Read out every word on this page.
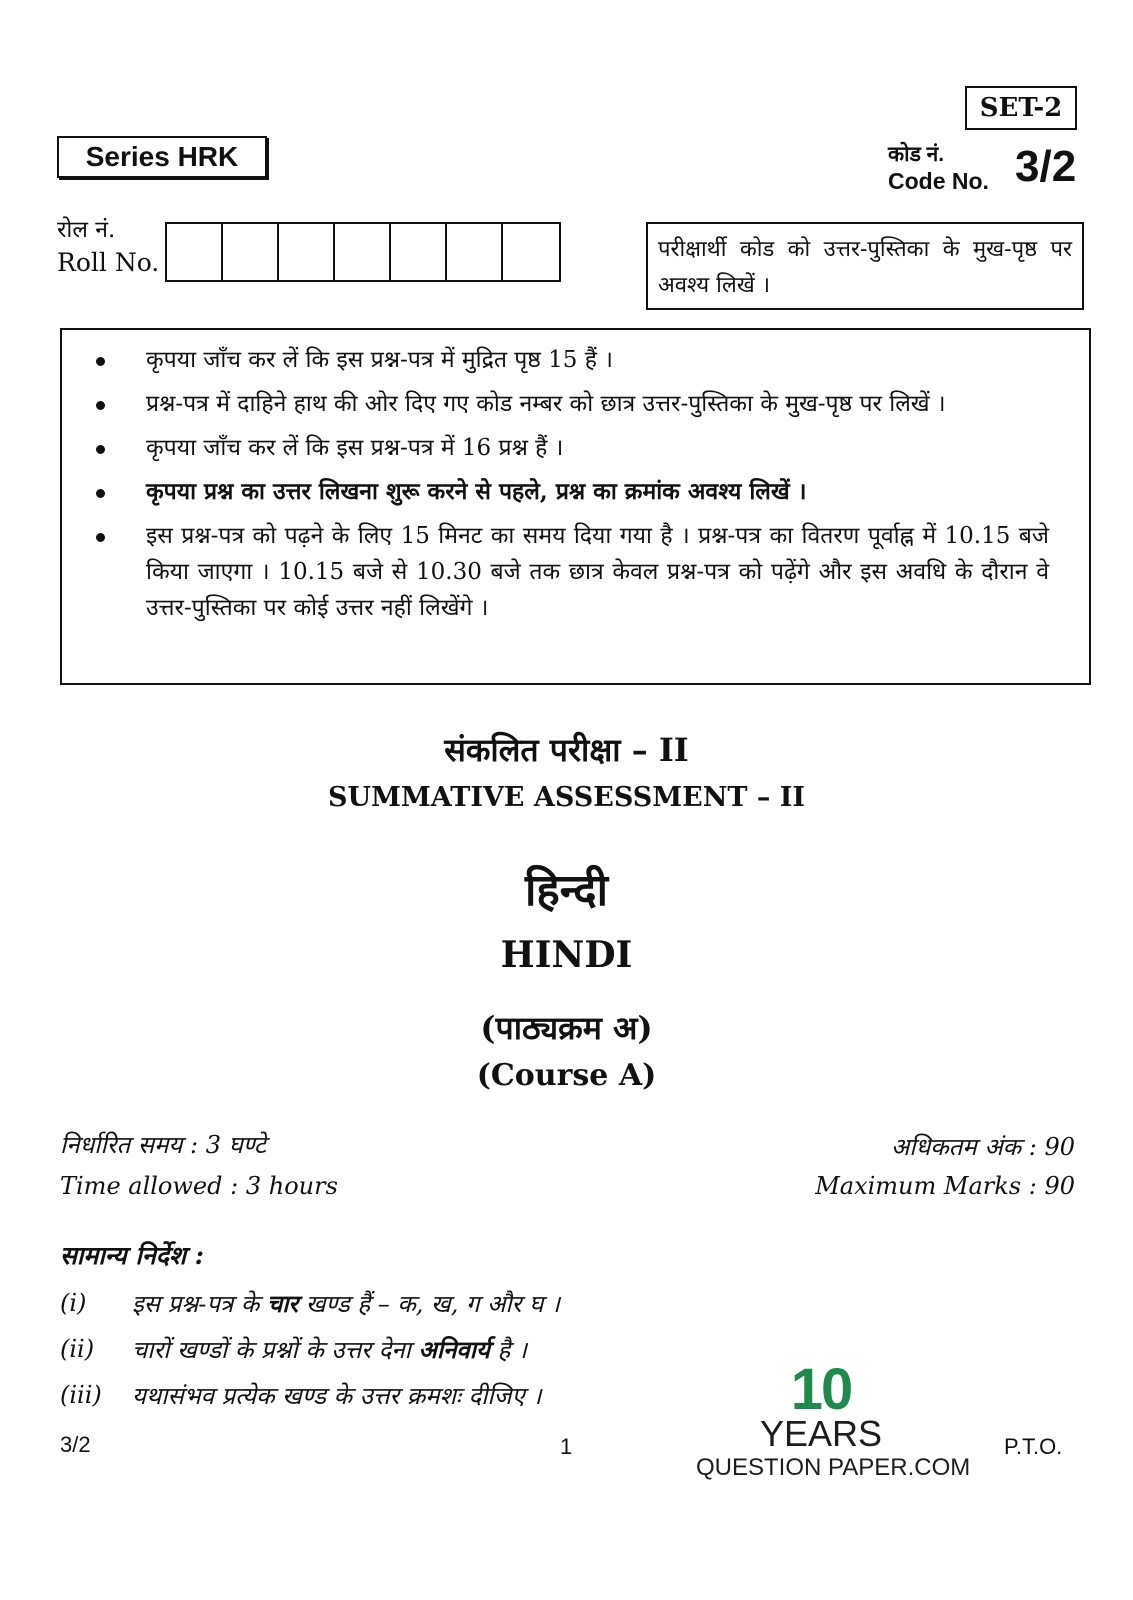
SET-2
Series HRK	कोड नं.
Code No. 3/2
रोल नं.
Roll No.	परीक्षार्थी कोड को उत्तर-पुस्तिका के मुख-पृष्ठ पर अवश्य लिखें ।
कृपया जाँच कर लें कि इस प्रश्न-पत्र में मुद्रित पृष्ठ 15 हैं ।
प्रश्न-पत्र में दाहिने हाथ की ओर दिए गए कोड नम्बर को छात्र उत्तर-पुस्तिका के मुख-पृष्ठ पर लिखें ।
कृपया जाँच कर लें कि इस प्रश्न-पत्र में 16 प्रश्न हैं ।
कृपया प्रश्न का उत्तर लिखना शुरू करने से पहले, प्रश्न का क्रमांक अवश्य लिखें ।
इस प्रश्न-पत्र को पढ़ने के लिए 15 मिनट का समय दिया गया है । प्रश्न-पत्र का वितरण पूर्वाह्न में 10.15 बजे किया जाएगा । 10.15 बजे से 10.30 बजे तक छात्र केवल प्रश्न-पत्र को पढ़ेंगे और इस अवधि के दौरान वे उत्तर-पुस्तिका पर कोई उत्तर नहीं लिखेंगे ।
संकलित परीक्षा – II
SUMMATIVE ASSESSMENT – II
हिन्दी
HINDI
(पाठ्यक्रम अ)
(Course A)
निर्धारित समय : 3 घण्टे
Time allowed : 3 hours
अधिकतम अंक : 90
Maximum Marks : 90
सामान्य निर्देश :
(i)	इस प्रश्न-पत्र के चार खण्ड हैं – क, ख, ग और घ ।
(ii)	चारों खण्डों के प्रश्नों के उत्तर देना अनिवार्य है ।
(iii)	यथासंभव प्रत्येक खण्ड के उत्तर क्रमशः दीजिए ।	10
YEARS
QUESTION PAPER.COM
3/2	1	P.T.O.
